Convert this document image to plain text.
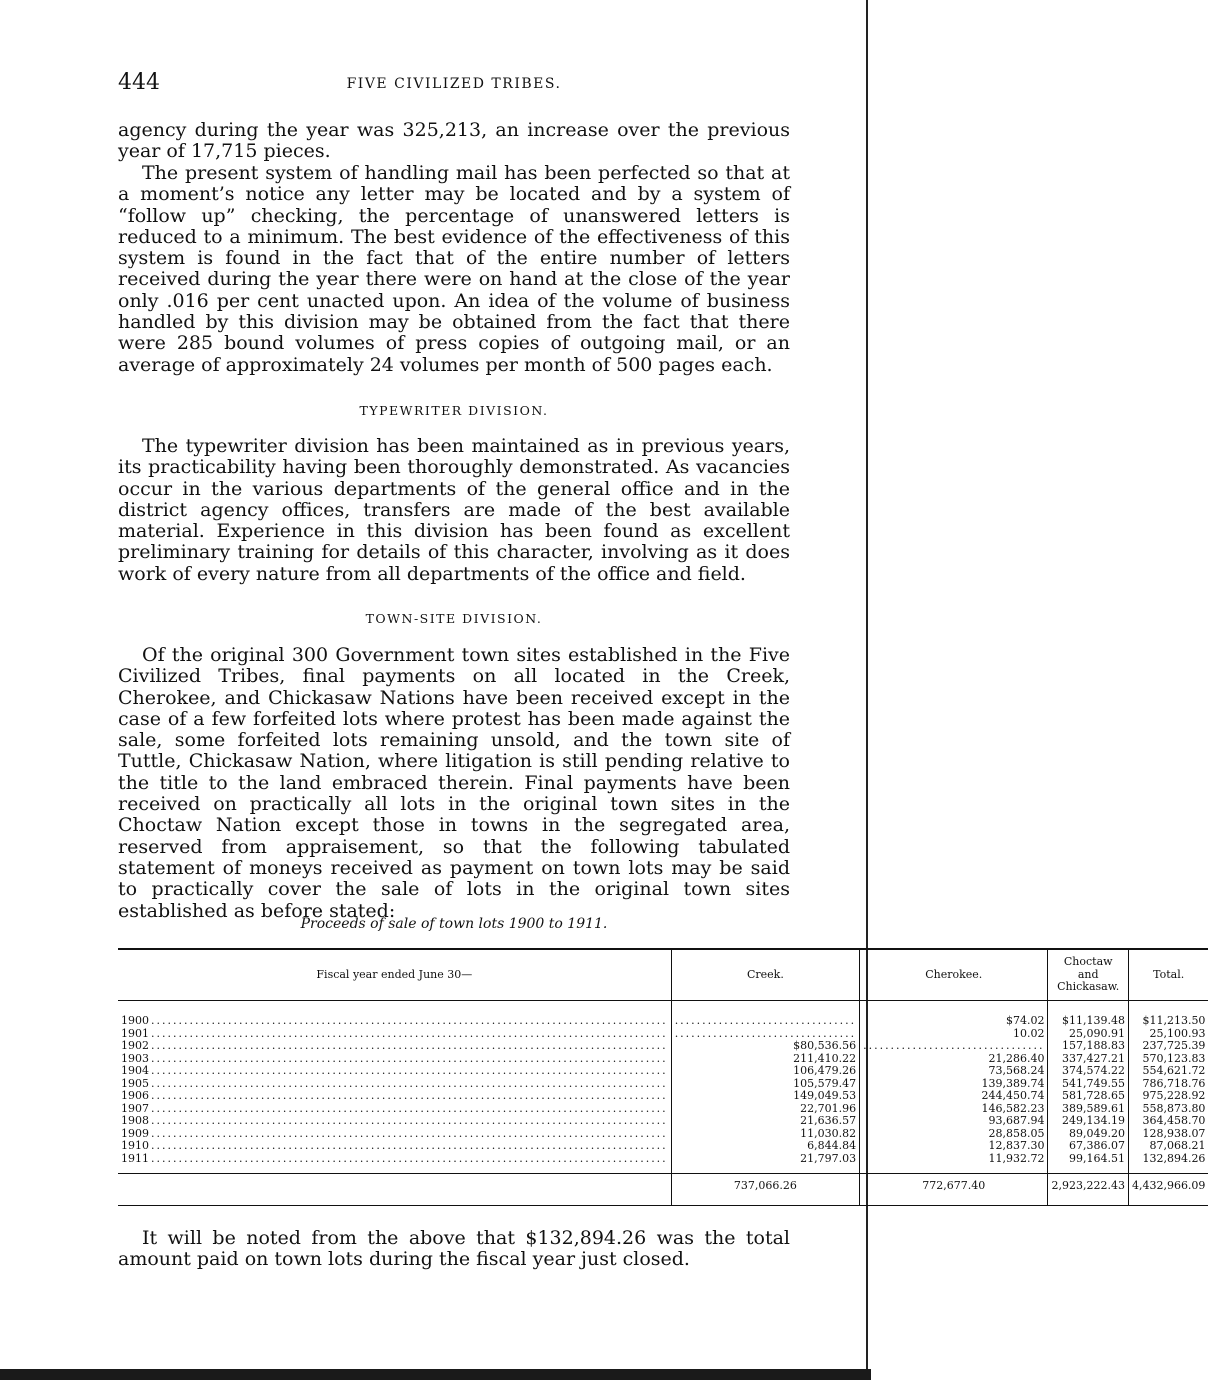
444	FIVE CIVILIZED TRIBES.

agency during the year was 325,213, an increase over the previous year of 17,715 pieces.

The present system of handling mail has been perfected so that at a moment’s notice any letter may be located and by a system of “follow up” checking, the percentage of unanswered letters is reduced to a minimum. The best evidence of the effectiveness of this system is found in the fact that of the entire number of letters received during the year there were on hand at the close of the year only .016 per cent unacted upon. An idea of the volume of business handled by this division may be obtained from the fact that there were 285 bound volumes of press copies of outgoing mail, or an average of approximately 24 volumes per month of 500 pages each.

TYPEWRITER DIVISION.

The typewriter division has been maintained as in previous years, its practicability having been thoroughly demonstrated. As vacancies occur in the various departments of the general office and in the district agency offices, transfers are made of the best available material. Experience in this division has been found as excellent preliminary training for details of this character, involving as it does work of every nature from all departments of the office and field.

TOWN-SITE DIVISION.

Of the original 300 Government town sites established in the Five Civilized Tribes, final payments on all located in the Creek, Cherokee, and Chickasaw Nations have been received except in the case of a few forfeited lots where protest has been made against the sale, some forfeited lots remaining unsold, and the town site of Tuttle, Chickasaw Nation, where litigation is still pending relative to the title to the land embraced therein. Final payments have been received on practically all lots in the original town sites in the Choctaw Nation except those in towns in the segregated area, reserved from appraisement, so that the following tabulated statement of moneys received as payment on town lots may be said to practically cover the sale of lots in the original town sites established as before stated:

Proceeds of sale of town lots 1900 to 1911.
Fiscal year ended June 30—	Creek.	Cherokee.	Choctaw and Chickasaw.	Total.

1900 ..............................................................................................	.................................	$74.02	$11,139.48	$11,213.50

1901 ..............................................................................................	.................................	10.02	25,090.91	25,100.93

1902 ..............................................................................................	$80,536.56	.................................	157,188.83	237,725.39

1903 ..............................................................................................	211,410.22	21,286.40	337,427.21	570,123.83

1904 ..............................................................................................	106,479.26	73,568.24	374,574.22	554,621.72

1905 ..............................................................................................	105,579.47	139,389.74	541,749.55	786,718.76

1906 ..............................................................................................	149,049.53	244,450.74	581,728.65	975,228.92

1907 ..............................................................................................	22,701.96	146,582.23	389,589.61	558,873.80

1908 ..............................................................................................	21,636.57	93,687.94	249,134.19	364,458.70

1909 ..............................................................................................	11,030.82	28,858.05	89,049.20	128,938.07

1910 ..............................................................................................	6,844.84	12,837.30	67,386.07	87,068.21

1911 ..............................................................................................	21,797.03	11,932.72	99,164.51	132,894.26
	737,066.26	772,677.40	2,923,222.43	4,432,966.09

It will be noted from the above that $132,894.26 was the total amount paid on town lots during the fiscal year just closed.
